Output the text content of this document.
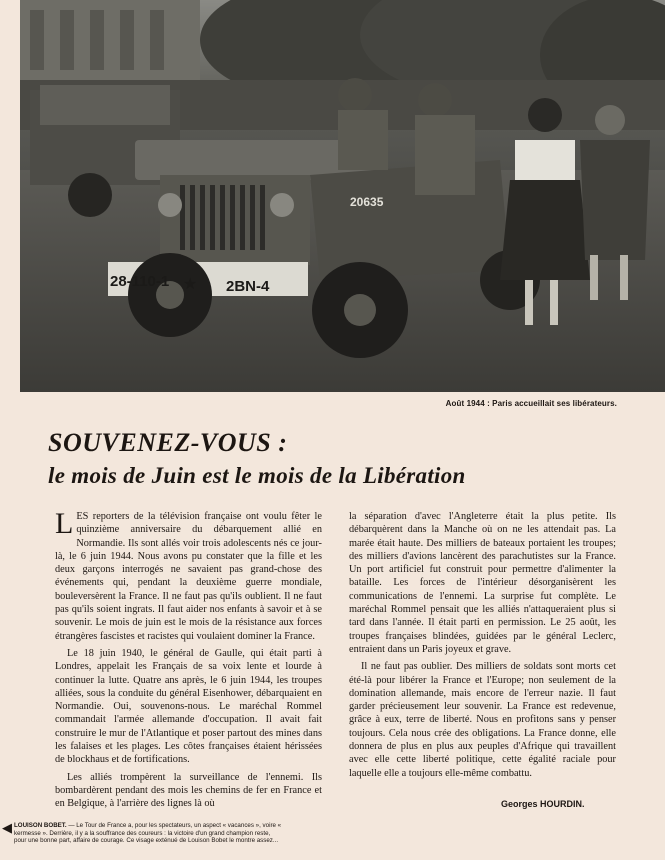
28-110-1 ★ 2BN-4
20635
Août 1944 : Paris accueillait ses libérateurs.
SOUVENEZ-VOUS :
le mois de Juin est le mois de la Libération

LES reporters de la télévision française ont voulu fêter le quinzième anniversaire du débarquement allié en Normandie. Ils sont allés voir trois adolescents nés ce jour-là, le 6 juin 1944. Nous avons pu constater que la fille et les deux garçons interrogés ne savaient pas grand-chose des événements qui, pendant la deuxième guerre mondiale, bouleversèrent la France. Il ne faut pas qu'ils oublient. Il ne faut pas qu'ils soient ingrats. Il faut aider nos enfants à savoir et à se souvenir. Le mois de juin est le mois de la résistance aux forces étrangères fascistes et racistes qui voulaient dominer la France.

Le 18 juin 1940, le général de Gaulle, qui était parti à Londres, appelait les Français de sa voix lente et lourde à continuer la lutte. Quatre ans après, le 6 juin 1944, les troupes alliées, sous la conduite du général Eisenhower, débarquaient en Normandie. Oui, souvenons-nous. Le maréchal Rommel commandait l'armée allemande d'occupation. Il avait fait construire le mur de l'Atlantique et poser partout des mines dans les falaises et les plages. Les côtes françaises étaient hérissées de blockhaus et de fortifications.

Les alliés trompèrent la surveillance de l'ennemi. Ils bombardèrent pendant des mois les chemins de fer en France et en Belgique, à l'arrière des lignes là où

la séparation d'avec l'Angleterre était la plus petite. Ils débarquèrent dans la Manche où on ne les attendait pas. La marée était haute. Des milliers de bateaux portaient les troupes; des milliers d'avions lancèrent des parachutistes sur la France. Un port artificiel fut construit pour permettre d'alimenter la bataille. Les forces de l'intérieur désorganisèrent les communications de l'ennemi. La surprise fut complète. Le maréchal Rommel pensait que les alliés n'attaqueraient plus si tard dans l'année. Il était parti en permission. Le 25 août, les troupes françaises blindées, guidées par le général Leclerc, entraient dans un Paris joyeux et grave.

Il ne faut pas oublier. Des milliers de soldats sont morts cet été-là pour libérer la France et l'Europe; non seulement de la domination allemande, mais encore de l'erreur nazie. Il faut garder précieusement leur souvenir. La France est redevenue, grâce à eux, terre de liberté. Nous en profitons sans y penser toujours. Cela nous crée des obligations. La France donne, elle donnera de plus en plus aux peuples d'Afrique qui travaillent avec elle cette liberté politique, cette égalité raciale pour laquelle elle a toujours elle-même combattu.

Georges HOURDIN.
◀ LOUISON BOBET. — Le Tour de France a, pour les spectateurs, un aspect « vacances », voire « kermesse ». Derrière, il y a la souffrance des coureurs : la victoire d'un grand champion reste, pour une bonne part, affaire de courage. Ce visage exténué de Louison Bobet le montre assez...
